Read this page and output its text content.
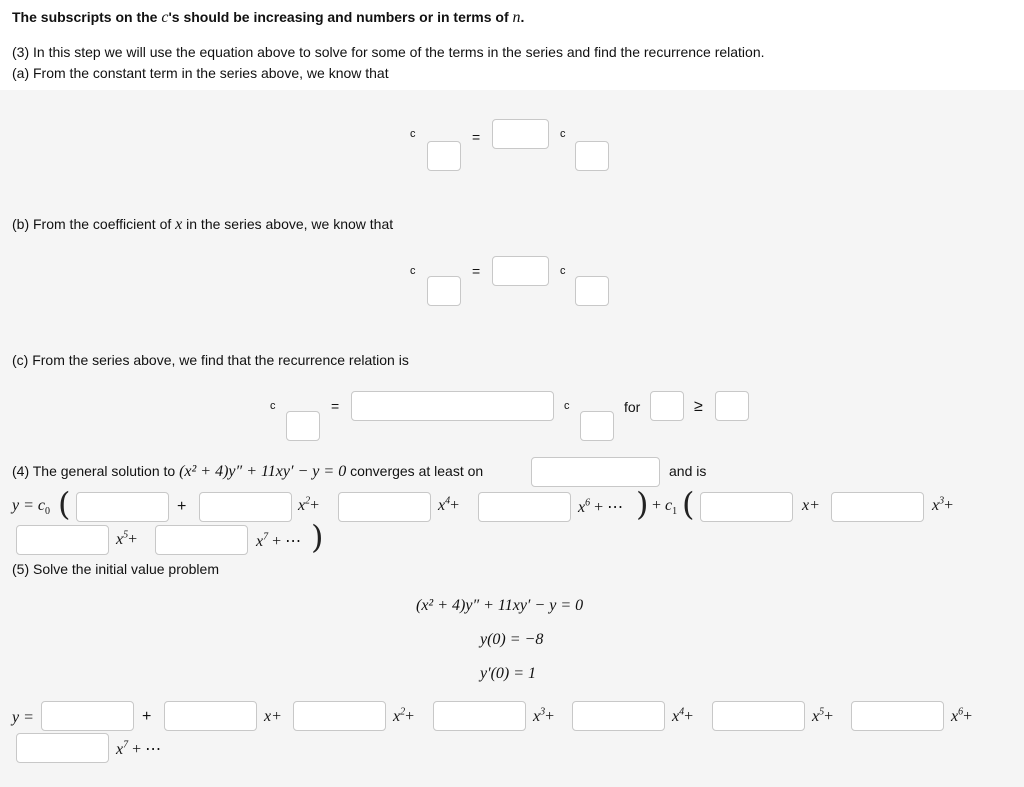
The subscripts on the c's should be increasing and numbers or in terms of n.
(3) In this step we will use the equation above to solve for some of the terms in the series and find the recurrence relation.
(a) From the constant term in the series above, we know that
c	=	c
(b) From the coefficient of x in the series above, we know that
c	=	c
(c) From the series above, we find that the recurrence relation is
c	=	c	for	≥
(4) The general solution to (x² + 4)y″ + 11xy′ − y = 0 converges at least on	and is
$y = c_0$ (	+	$x^2+$	$x^4+$	$x^6$ + ⋯ ) + $c_1$ (	x+	$x^3+$
$x^5+$	$x^7$ + ⋯ )
(5) Solve the initial value problem
(x² + 4)y″ + 11xy′ − y = 0
y(0) = −8
y′(0) = 1
y =	+	x+	$x^2+$	$x^3+$	$x^4+$	$x^5+$	$x^6+$
$x^7$ + ⋯
